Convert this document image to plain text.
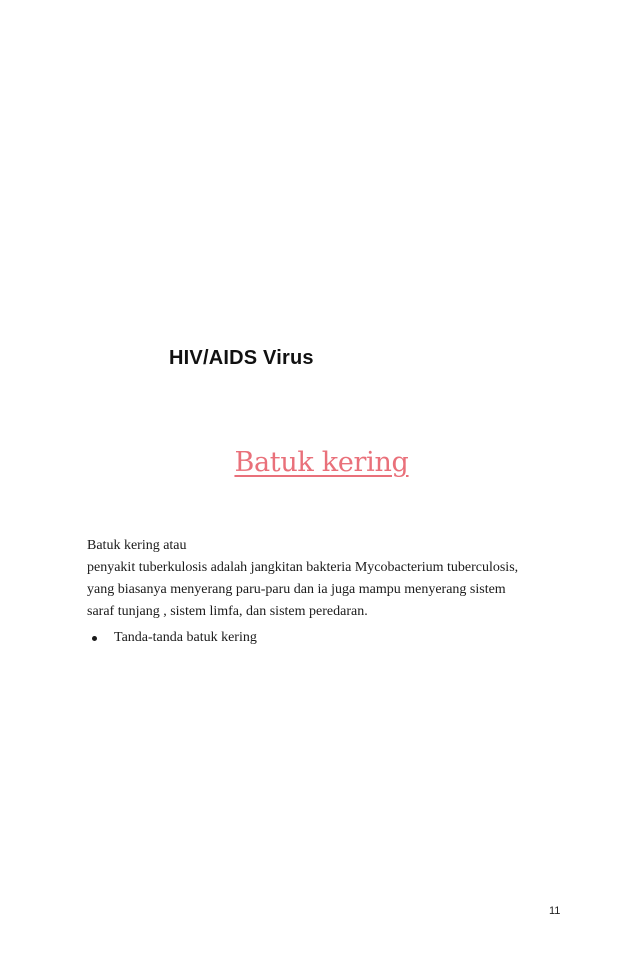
HIV/AIDS Virus
Batuk kering
Batuk kering atau
penyakit tuberkulosis adalah jangkitan bakteria Mycobacterium tuberculosis,
yang biasanya menyerang paru-paru dan ia juga mampu menyerang sistem
saraf tunjang , sistem limfa, dan sistem peredaran.
Tanda-tanda batuk kering
11
